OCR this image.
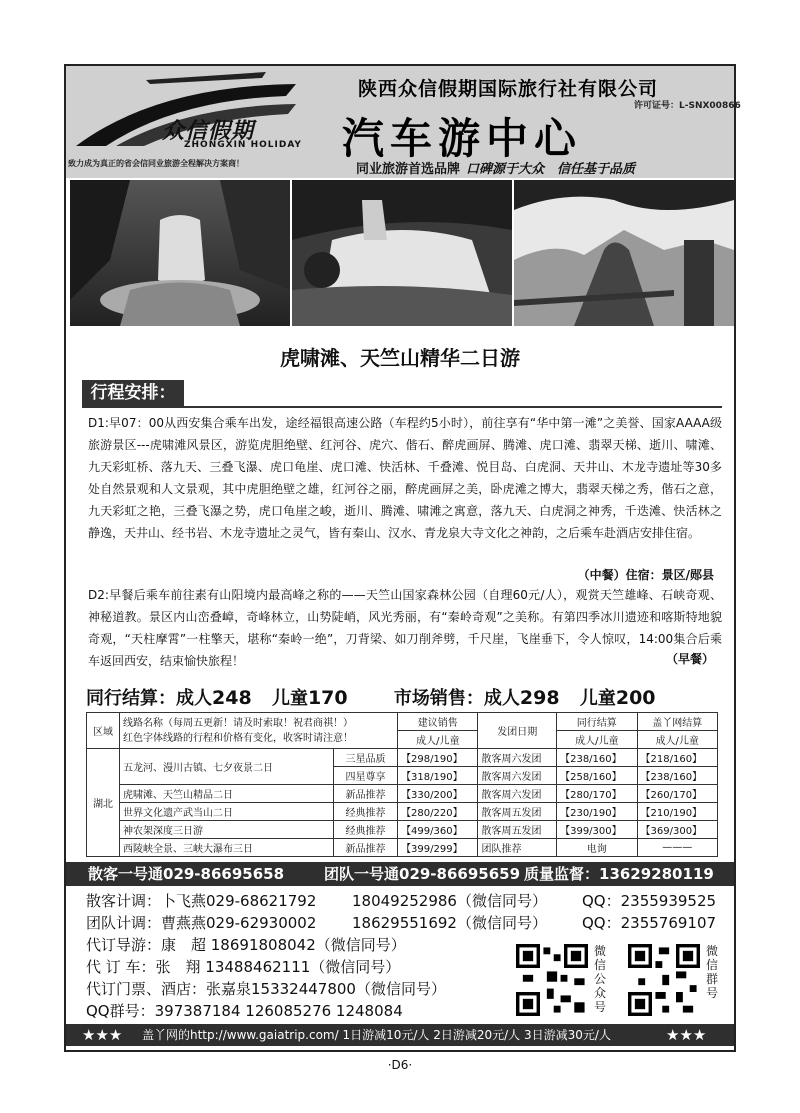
众信假期
ZHONGXIN HOLIDAY
致力成为真正的省会信同业旅游全程解决方案商！
陕西众信假期国际旅行社有限公司
许可证号：L-SNX00866
汽车游中心
同业旅游首选品牌 口碑源于大众　信任基于品质
虎啸滩、天竺山精华二日游
行程安排：
D1:早07：00从西安集合乘车出发，途经福银高速公路（车程约5小时），前往享有“华中第一滩”之美誉、国家AAAA级旅游景区---虎啸滩风景区，游览虎胆绝壁、红河谷、虎穴、偕石、醉虎画屏、腾滩、虎口滩、翡翠天梯、逝川、啸滩、九天彩虹桥、落九天、三叠飞瀑、虎口龟崖、虎口滩、快活林、千叠滩、悦目岛、白虎洞、天井山、木龙寺遗址等30多处自然景观和人文景观，其中虎胆绝壁之雄，红河谷之丽，醉虎画屏之美，卧虎滩之博大，翡翠天梯之秀，偕石之意，九天彩虹之艳，三叠飞瀑之势，虎口龟崖之峻，逝川、腾滩、啸滩之寓意，落九天、白虎洞之神秀，千迭滩、快活林之静逸，天井山、经书岩、木龙寺遗址之灵气，皆有秦山、汉水、青龙泉大寺文化之神韵，之后乘车赴酒店安排住宿。
（中餐）住宿：景区/郧县
D2:早餐后乘车前往素有山阳境内最高峰之称的——天竺山国家森林公园（自理60元/人），观赏天竺雄峰、石峡奇观、神秘道教。景区内山峦叠嶂，奇峰林立，山势陡峭，风光秀丽，有“秦岭奇观”之美称。有第四季冰川遗迹和喀斯特地貌奇观，“天柱摩霄”一柱擎天，堪称“秦岭一绝”，刀背梁、如刀削斧劈，千尺崖，飞崖垂下，令人惊叹，14:00集合后乘车返回西安，结束愉快旅程！	（早餐）
同行结算：成人248 儿童170	市场销售：成人298 儿童200
区域	线路名称（每周五更新！请及时索取！祝君商祺！）
红色字体线路的行程和价格有变化，收客时请注意！		建议销售	发团日期	同行结算	盖丫网结算
			成人/儿童		成人/儿童	成人/儿童
湖北	五龙河、漫川古镇、七夕夜景二日	三星品质	【298/190】	散客周六发团	【238/160】	【218/160】
		四星尊享	【318/190】	散客周六发团	【258/160】	【238/160】
	虎啸滩、天竺山精品二日	新品推荐	【330/200】	散客周六发团	【280/170】	【260/170】
	世界文化遗产武当山二日	经典推荐	【280/220】	散客周五发团	【230/190】	【210/190】
	神农架深度三日游	经典推荐	【499/360】	散客周五发团	【399/300】	【369/300】
	西陵峡全景、三峡大瀑布三日	新品推荐	【399/299】	团队推荐	电询	———
散客一号通029-86695658	团队一号通029-86695659 质量监督：13629280119
散客计调：卜飞燕029-68621792 18049252986（微信同号） QQ：2355939525
团队计调：曹燕燕029-62930002 18629551692（微信同号） QQ：2355769107
代订导游：康　超 18691808042（微信同号）
代 订 车：张　翔 13488462111（微信同号）
代订门票、酒店：张嘉泉15332447800（微信同号）
QQ群号：397387184 126085276 1248084
微信公众号
微信群号
★★★ 盖丫网的http://www.gaiatrip.com/ 1日游减10元/人 2日游减20元/人 3日游减30元/人	★★★
·D6·
